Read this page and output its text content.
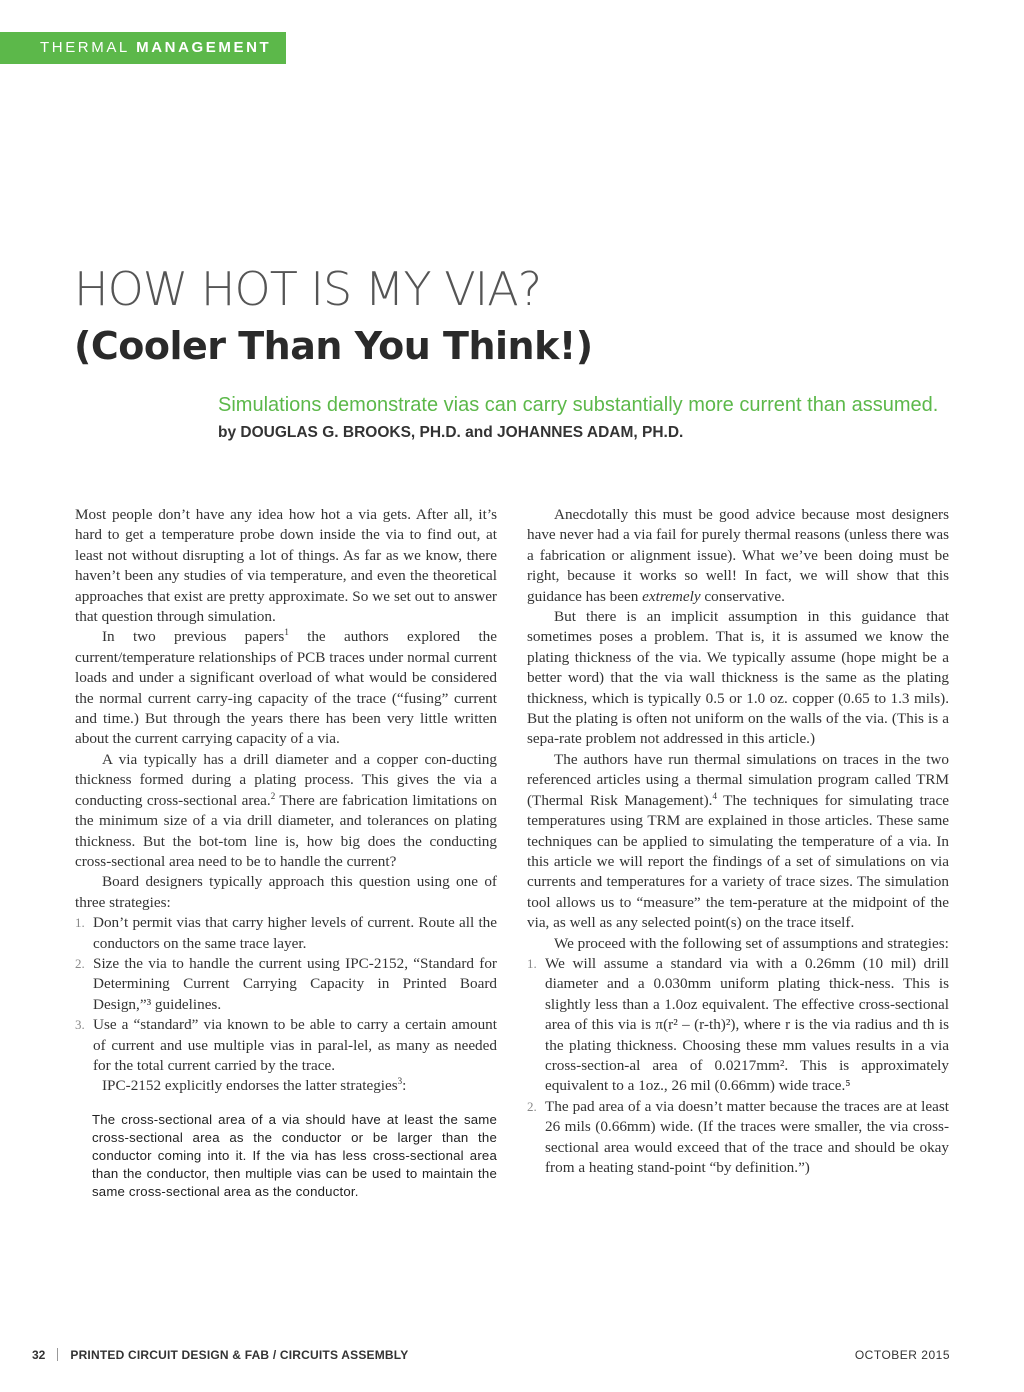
THERMAL MANAGEMENT
HOW HOT IS MY VIA?
(Cooler Than You Think!)
Simulations demonstrate vias can carry substantially more current than assumed. by DOUGLAS G. BROOKS, PH.D. and JOHANNES ADAM, PH.D.

Most people don’t have any idea how hot a via gets. After all, it’s hard to get a temperature probe down inside the via to find out, at least not without disrupting a lot of things. As far as we know, there haven’t been any studies of via temperature, and even the theoretical approaches that exist are pretty approximate. So we set out to answer that question through simulation.

In two previous papers$^1$ the authors explored the current/temperature relationships of PCB traces under normal current loads and under a significant overload of what would be considered the normal current carry-ing capacity of the trace (“fusing” current and time.) But through the years there has been very little written about the current carrying capacity of a via.

A via typically has a drill diameter and a copper con-ducting thickness formed during a plating process. This gives the via a conducting cross-sectional area.$^2$ There are fabrication limitations on the minimum size of a via drill diameter, and tolerances on plating thickness. But the bot-tom line is, how big does the conducting cross-sectional area need to be to handle the current?

Board designers typically approach this question using one of three strategies:

1. Don’t permit vias that carry higher levels of current. Route all the conductors on the same trace layer.
2. Size the via to handle the current using IPC-2152, “Standard for Determining Current Carrying Capacity in Printed Board Design,”³ guidelines.
3. Use a “standard” via known to be able to carry a certain amount of current and use multiple vias in paral-lel, as many as needed for the total current carried by the trace.

IPC-2152 explicitly endorses the latter strategies$^3$:

The cross-sectional area of a via should have at least the same cross-sectional area as the conductor or be larger than the conductor coming into it. If the via has less cross-sectional area than the conductor, then multiple vias can be used to maintain the same cross-sectional area as the conductor.

Anecdotally this must be good advice because most designers have never had a via fail for purely thermal reasons (unless there was a fabrication or alignment issue). What we’ve been doing must be right, because it works so well! In fact, we will show that this guidance has been extremely conservative.

But there is an implicit assumption in this guidance that sometimes poses a problem. That is, it is assumed we know the plating thickness of the via. We typically assume (hope might be a better word) that the via wall thickness is the same as the plating thickness, which is typically 0.5 or 1.0 oz. copper (0.65 to 1.3 mils). But the plating is often not uniform on the walls of the via. (This is a sepa-rate problem not addressed in this article.)

The authors have run thermal simulations on traces in the two referenced articles using a thermal simulation program called TRM (Thermal Risk Management).$^4$ The techniques for simulating trace temperatures using TRM are explained in those articles. These same techniques can be applied to simulating the temperature of a via. In this article we will report the findings of a set of simulations on via currents and temperatures for a variety of trace sizes. The simulation tool allows us to “measure” the tem-perature at the midpoint of the via, as well as any selected point(s) on the trace itself.

We proceed with the following set of assumptions and strategies:

1. We will assume a standard via with a 0.26mm (10 mil) drill diameter and a 0.030mm uniform plating thick-ness. This is slightly less than a 1.0oz equivalent. The effective cross-sectional area of this via is π(r² – (r-th)²), where r is the via radius and th is the plating thickness. Choosing these mm values results in a via cross-section-al area of 0.0217mm². This is approximately equivalent to a 1oz., 26 mil (0.66mm) wide trace.⁵
2. The pad area of a via doesn’t matter because the traces are at least 26 mils (0.66mm) wide. (If the traces were smaller, the via cross-sectional area would exceed that of the trace and should be okay from a heating stand-point “by definition.”)
32 PRINTED CIRCUIT DESIGN & FAB / CIRCUITS ASSEMBLY	OCTOBER 2015
